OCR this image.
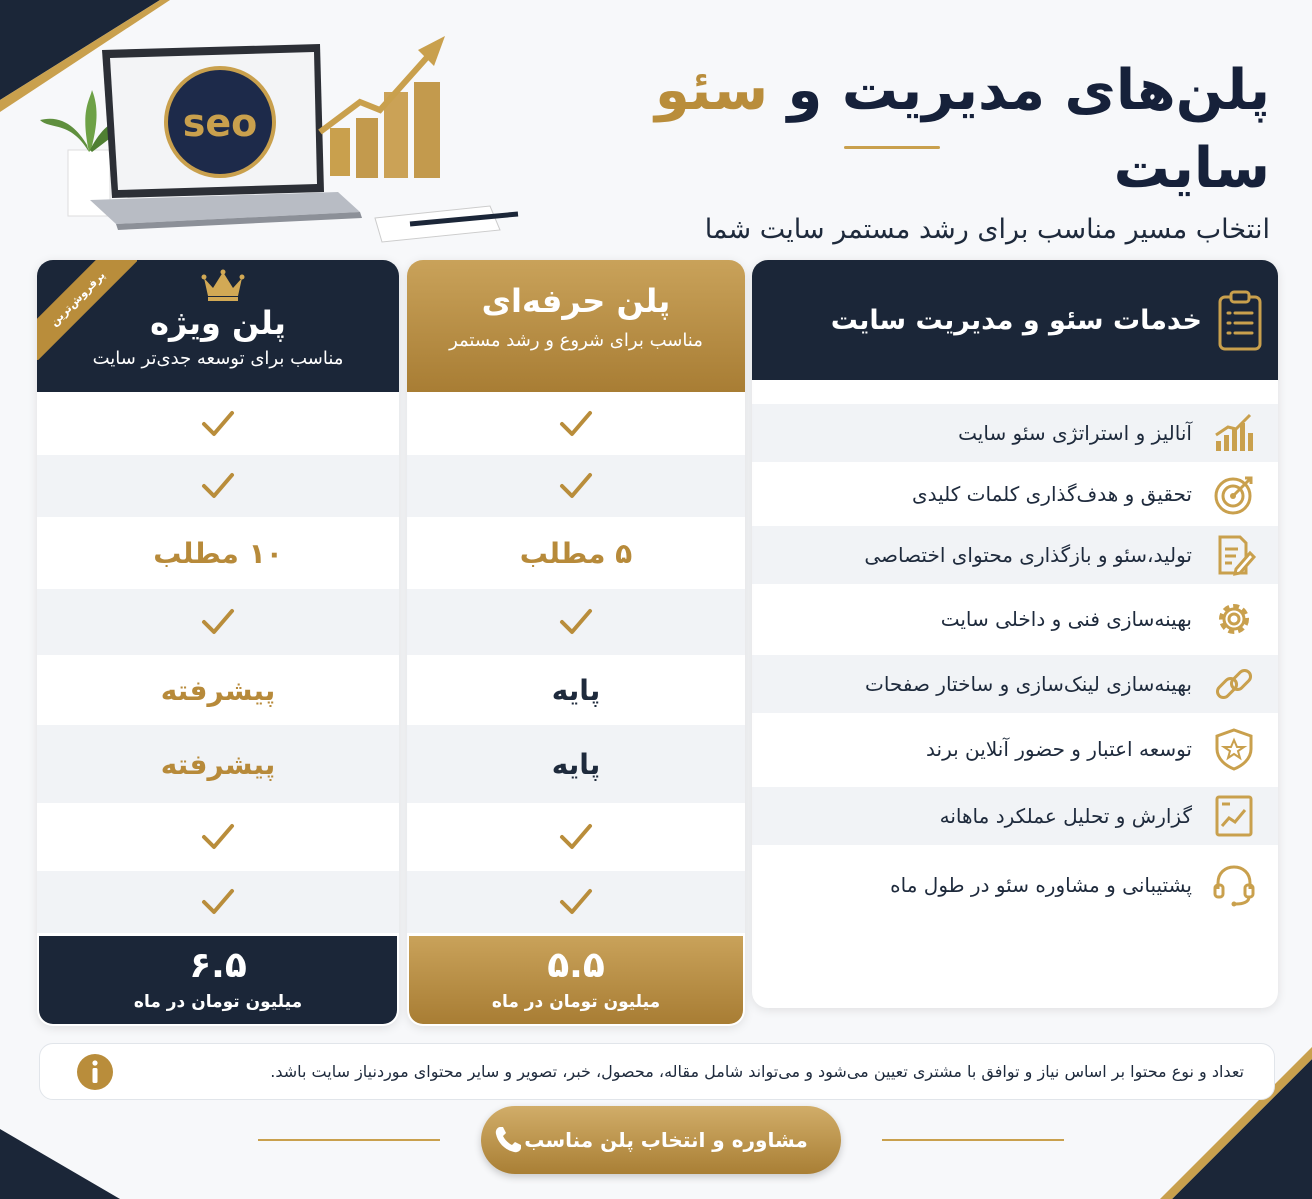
seo	پلن‌های مدیریت و سئو سایت
انتخاب مسیر مناسب برای رشد مستمر سایت شما
خدمات سئو و مدیریت سایت
آنالیز و استراتژی سئو سایت
تحقیق و هدف‌گذاری کلمات کلیدی
تولید،سئو و بازگذاری محتوای اختصاصی
بهینه‌سازی فنی و داخلی سایت
بهینه‌سازی لینک‌سازی و ساختار صفحات
توسعه اعتبار و حضور آنلاین برند
گزارش و تحلیل عملکرد ماهانه
پشتیبانی و مشاوره سئو در طول ماه
پلن حرفه‌ای
مناسب برای شروع و رشد مستمر
۵ مطلب
پایه
پایه
۵.۵
میلیون تومان در ماه
پلن ویژه
مناسب برای توسعه جدی‌تر سایت
۱۰ مطلب
پیشرفته
پیشرفته
۶.۵
میلیون تومان در ماه
پرفروش‌ترین
تعداد و نوع محتوا بر اساس نیاز و توافق با مشتری تعیین می‌شود و می‌تواند شامل مقاله، محصول، خبر، تصویر و سایر محتوای موردنیاز سایت باشد.
مشاوره و انتخاب پلن مناسب
